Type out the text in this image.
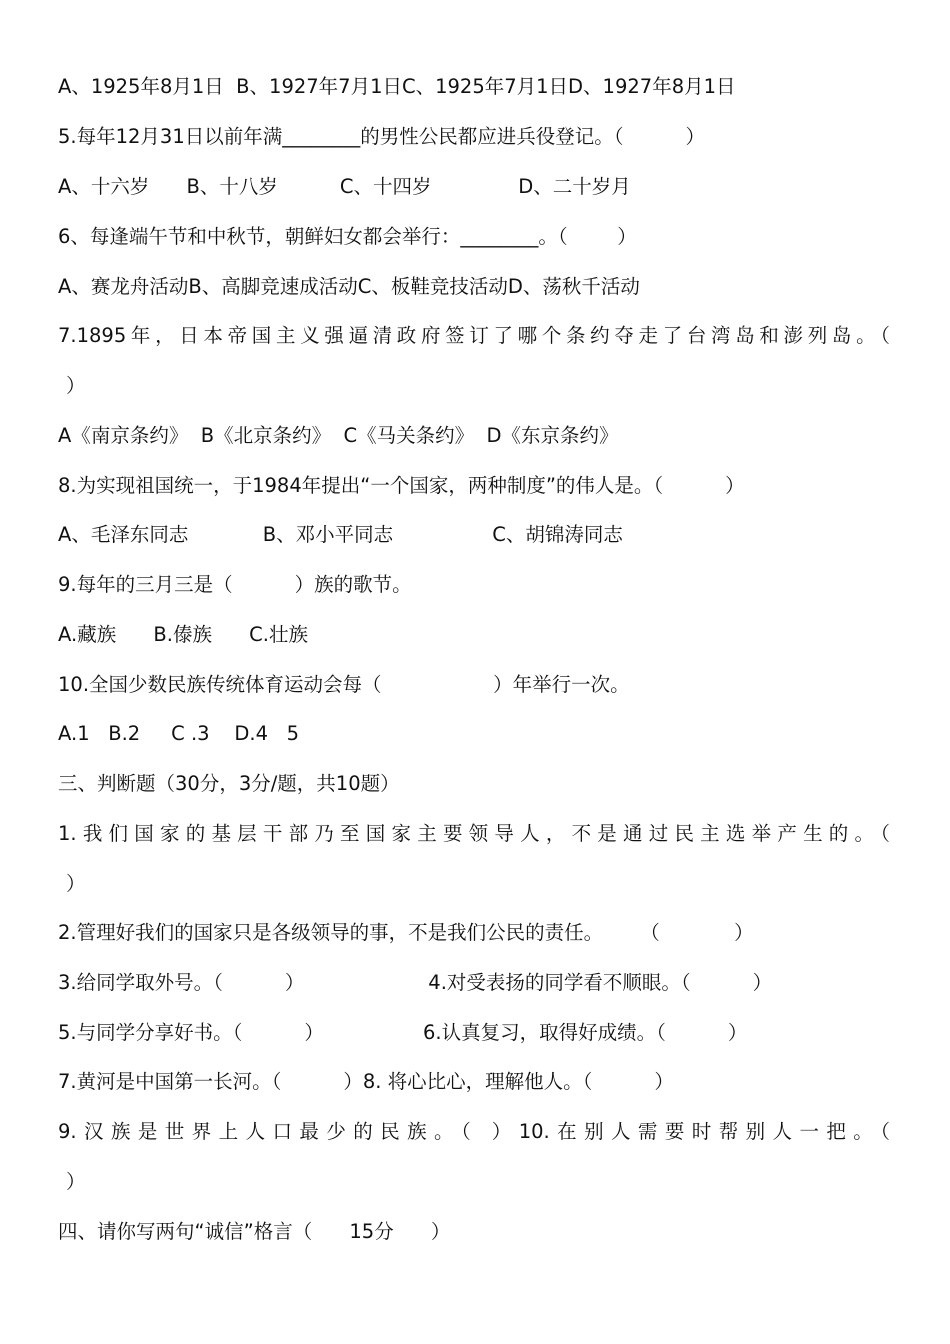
A、1925年8月1日  B、1927年7月1日C、1925年7月1日D、1927年8月1日
5.每年12月31日以前年满________的男性公民都应进兵役登记。（          ）
A、十六岁      B、十八岁          C、十四岁              D、二十岁月
6、每逢端午节和中秋节，朝鲜妇女都会举行：________。（        ）
A、赛龙舟活动B、高脚竞速成活动C、板鞋竞技活动D、荡秋千活动
7.1895年，日本帝国主义强逼清政府签订了哪个条约夺走了台湾岛和澎列岛。（
）
A《南京条约》  B《北京条约》  C《马关条约》  D《东京条约》
8.为实现祖国统一，于1984年提出“一个国家，两种制度”的伟人是。（          ）
A、毛泽东同志            B、邓小平同志                C、胡锦涛同志
9.每年的三月三是（          ）族的歌节。
A.藏族      B.傣族      C.壮族
10.全国少数民族传统体育运动会每（                  ）年举行一次。
A.1   B.2     C .3    D.4   5
三、判断题（30分，3分/题，共10题）
1.我们国家的基层干部乃至国家主要领导人，不是通过民主选举产生的。（
）
2.管理好我们的国家只是各级领导的事，不是我们公民的责任。      （            ）
3.给同学取外号。（          ）                    4.对受表扬的同学看不顺眼。（          ）
5.与同学分享好书。（          ）                6.认真复习，取得好成绩。（          ）
7.黄河是中国第一长河。（          ）8. 将心比心，理解他人。（          ）
9.汉族是世界上人口最少的民族。（ ）10.在别人需要时帮别人一把。（
）
四、请你写两句“诚信”格言（      15分      ）
